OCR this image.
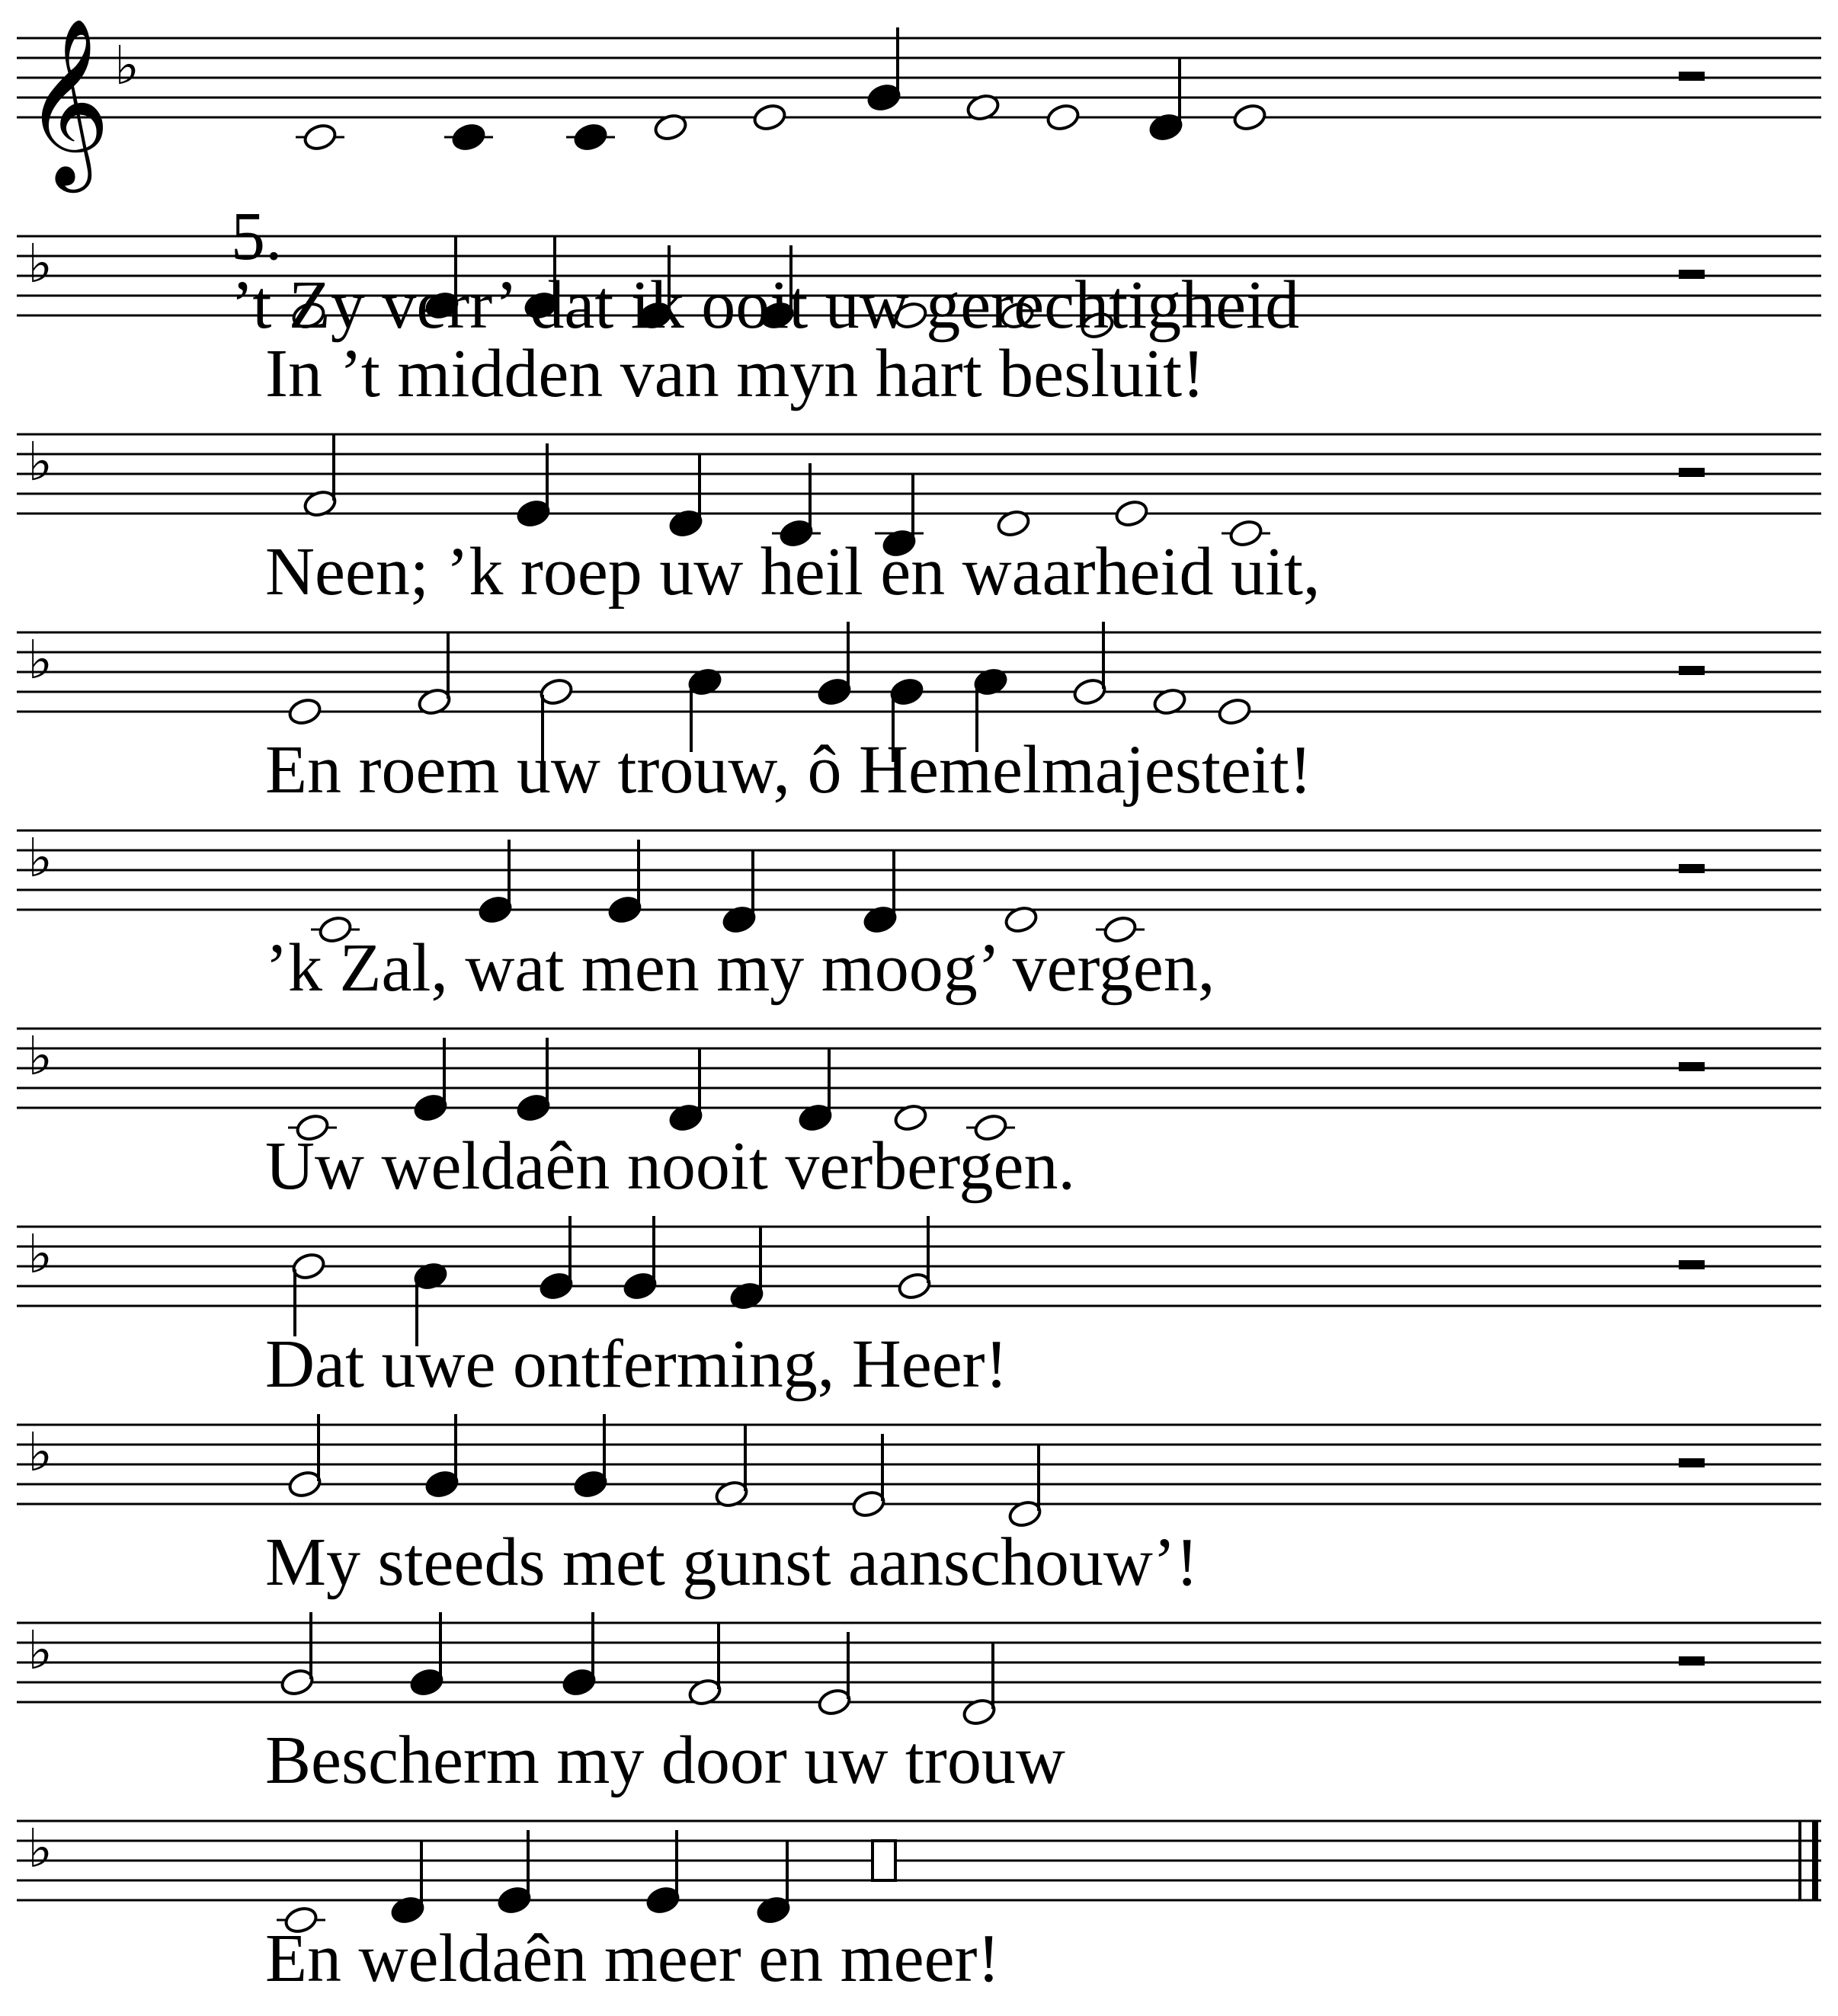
𝄞 ♭
♭
♭
♭
♭
♭
♭
♭
♭
♭

5.
’t Zy verr’ dat ik ooit uw gerechtigheid

In ’t midden van myn hart besluit!
Neen; ’k roep uw heil en waarheid uit,
En roem uw trouw, ô Hemelmajesteit!
’k Zal, wat men my moog’ vergen,
Uw weldaên nooit verbergen.
Dat uwe ontferming, Heer!
My steeds met gunst aanschouw’!
Bescherm my door uw trouw
En weldaên meer en meer!
